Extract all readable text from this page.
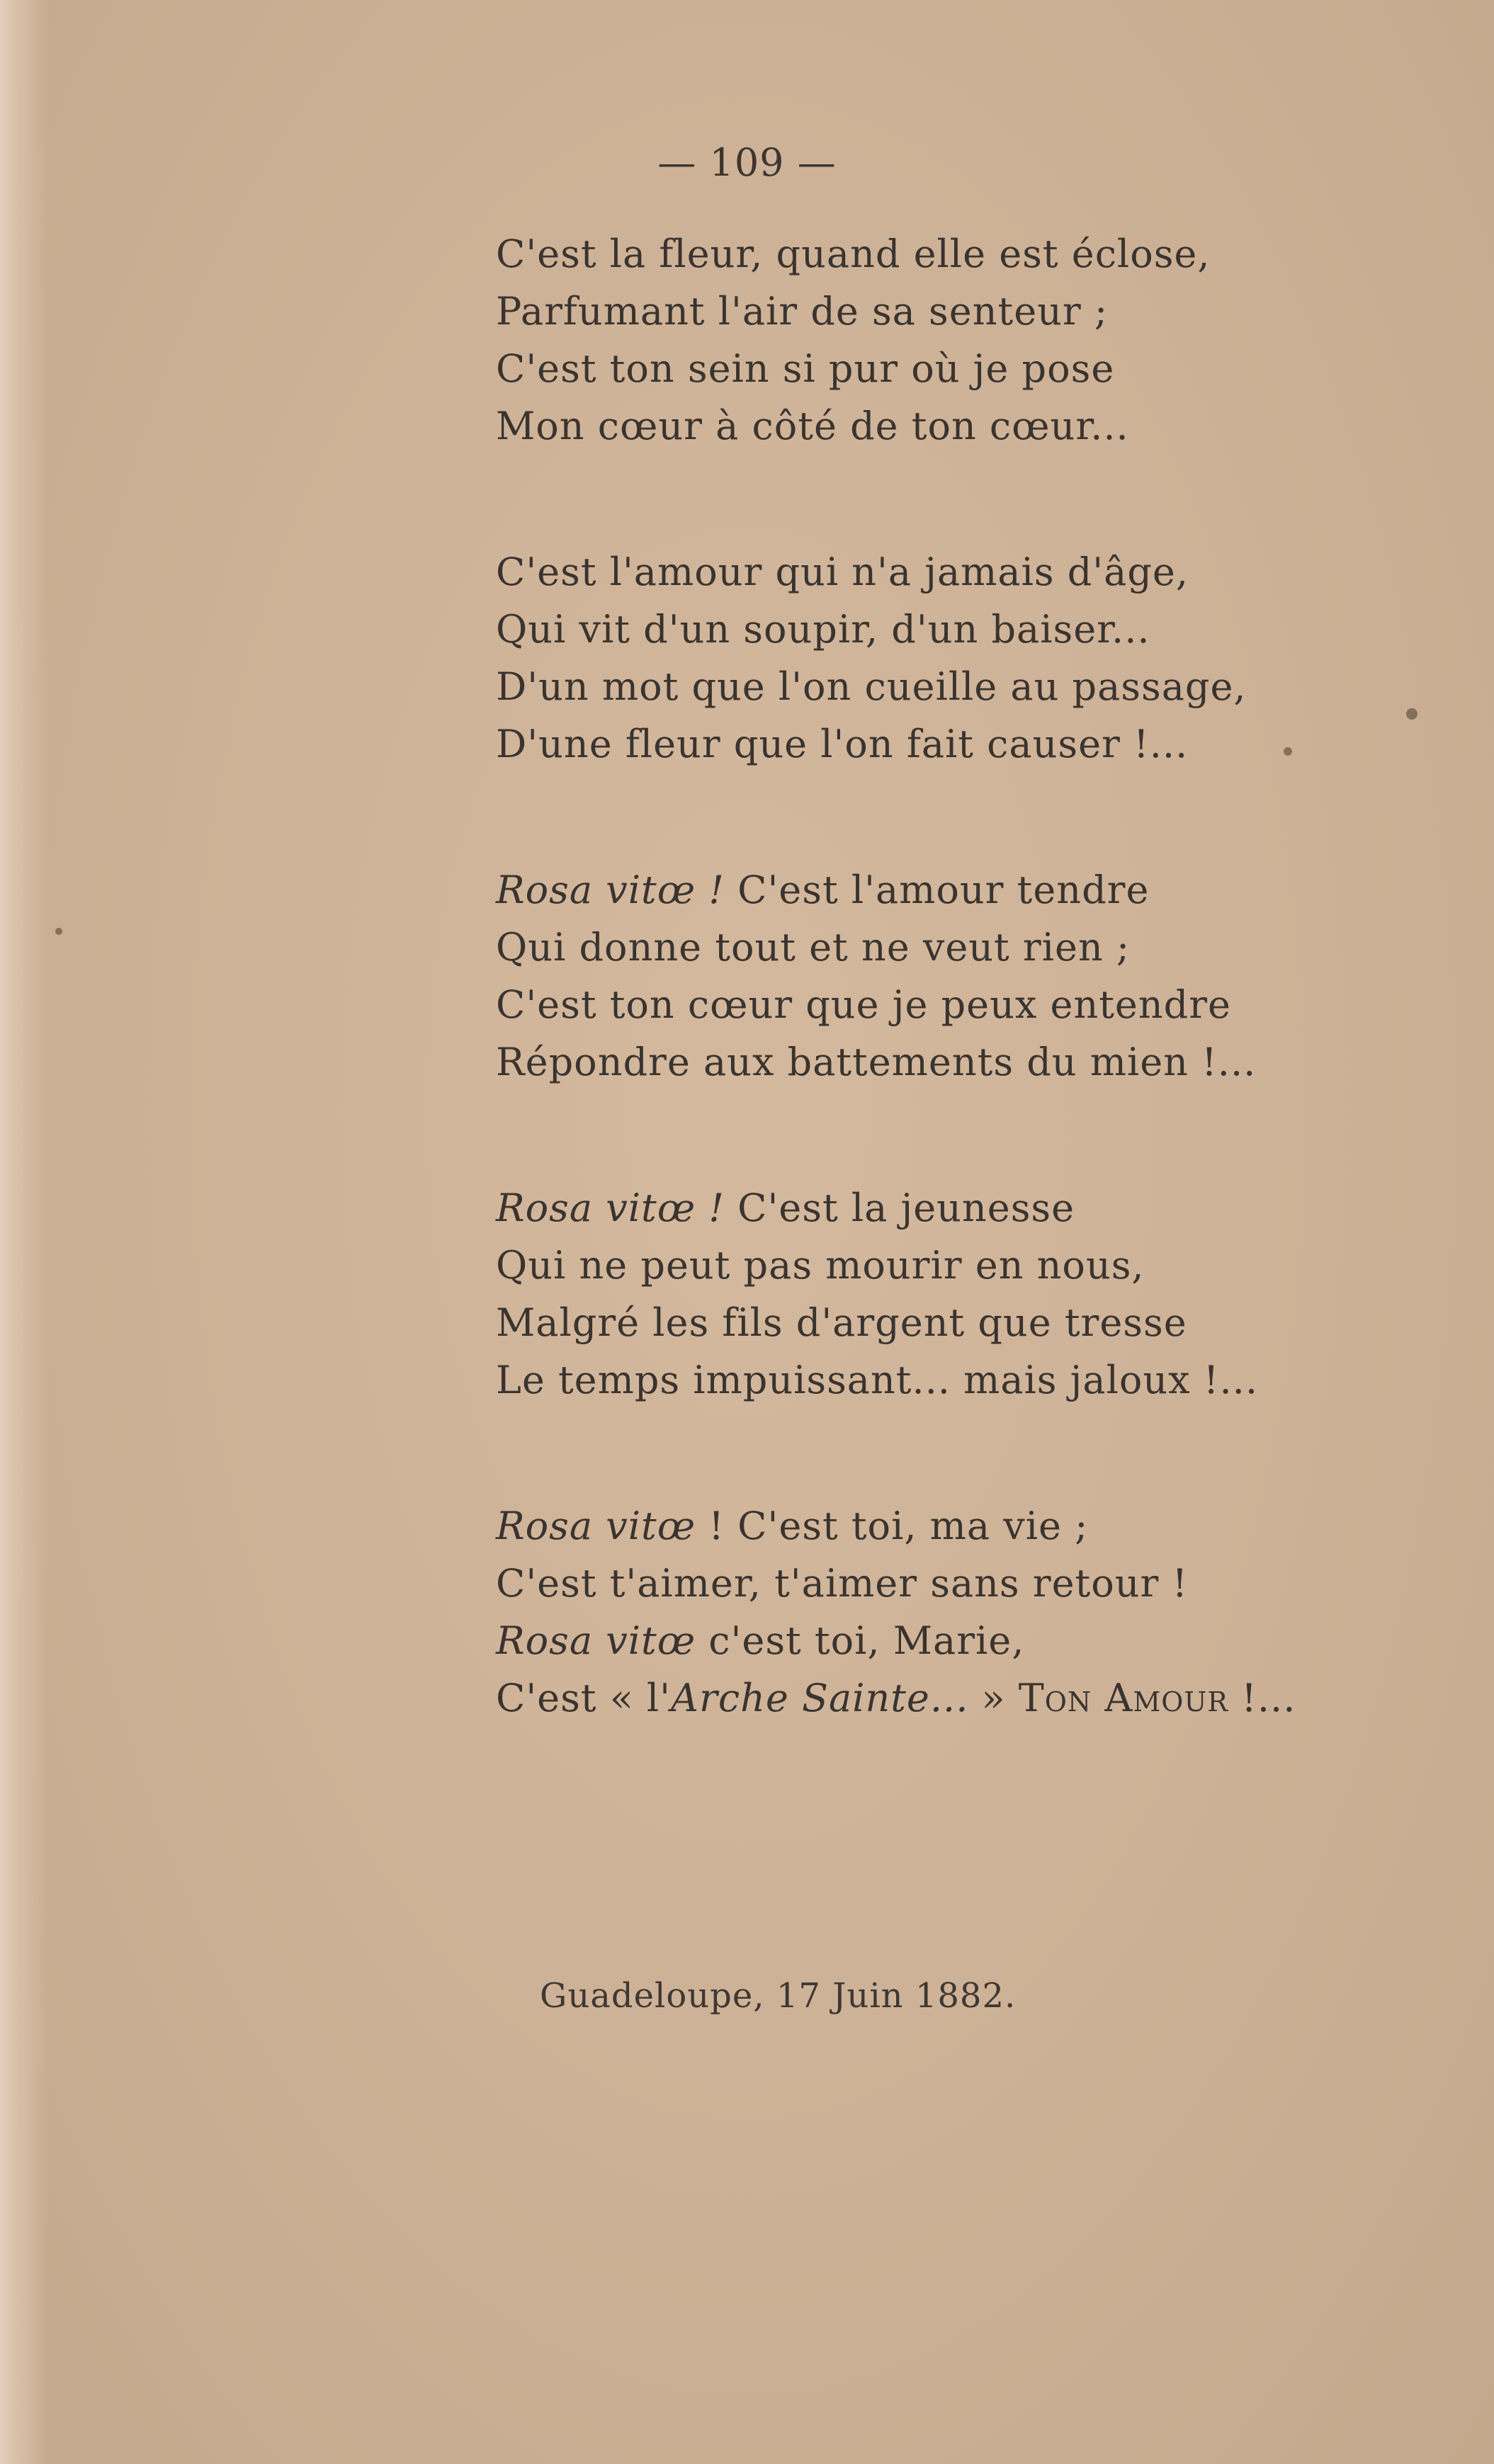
— 109 —
C'est la fleur, quand elle est éclose,
Parfumant l'air de sa senteur ;
C'est ton sein si pur où je pose
Mon cœur à côté de ton cœur...
C'est l'amour qui n'a jamais d'âge,
Qui vit d'un soupir, d'un baiser...
D'un mot que l'on cueille au passage,
D'une fleur que l'on fait causer !...
Rosa vitœ ! C'est l'amour tendre
Qui donne tout et ne veut rien ;
C'est ton cœur que je peux entendre
Répondre aux battements du mien !...
Rosa vitœ ! C'est la jeunesse
Qui ne peut pas mourir en nous,
Malgré les fils d'argent que tresse
Le temps impuissant... mais jaloux !...
Rosa vitœ ! C'est toi, ma vie ;
C'est t'aimer, t'aimer sans retour !
Rosa vitœ c'est toi, Marie,
C'est « l'Arche Sainte... » Ton Amour !...
Guadeloupe, 17 Juin 1882.
